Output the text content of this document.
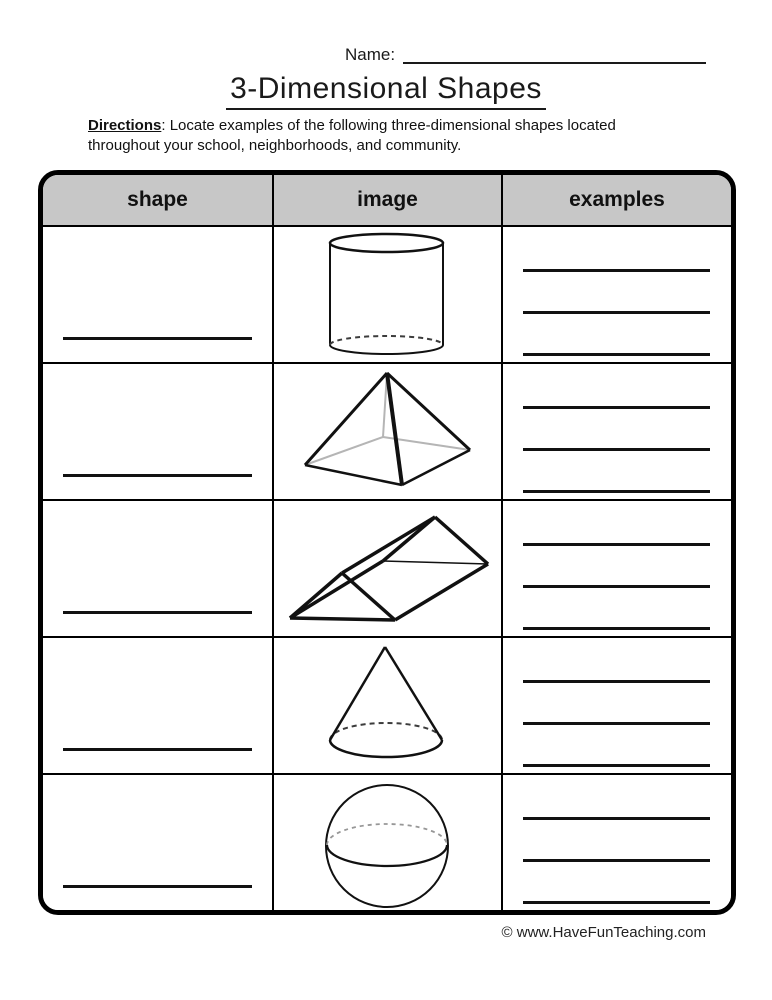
Name:
3-Dimensional Shapes

Directions: Locate examples of the following three-dimensional shapes located
throughout your school, neighborhoods, and community.

shape	image	examples
© www.HaveFunTeaching.com
